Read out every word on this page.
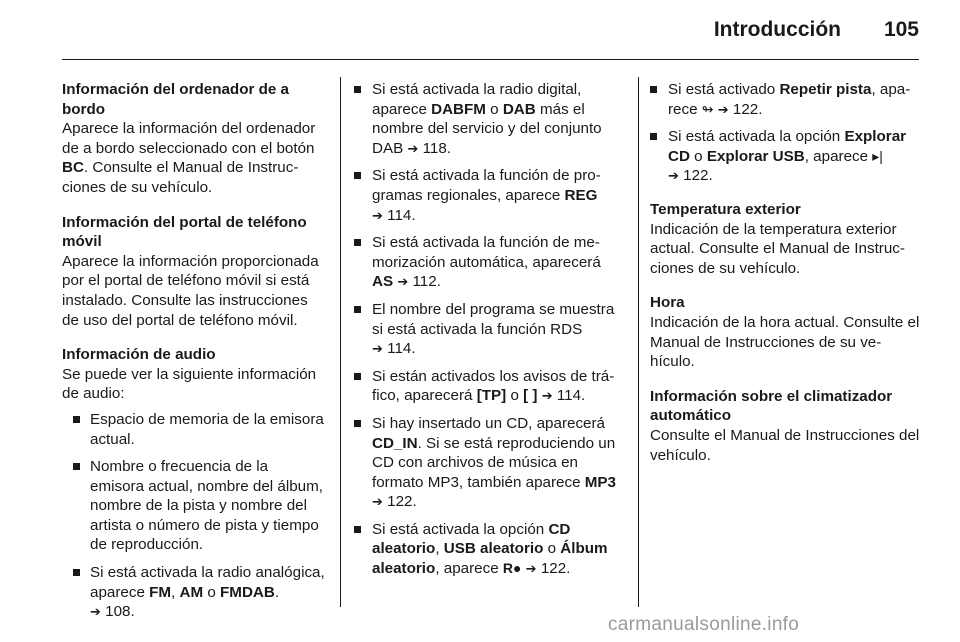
Introducción 105
Información del ordenador de a bordo
Aparece la información del ordenador de a bordo seleccionado con el botón BC. Consulte el Manual de Instrucciones de su vehículo.
Información del portal de teléfono móvil
Aparece la información proporcionada por el portal de teléfono móvil si está instalado. Consulte las instrucciones de uso del portal de teléfono móvil.
Información de audio
Se puede ver la siguiente información de audio:
Espacio de memoria de la emisora actual.
Nombre o frecuencia de la emisora actual, nombre del álbum, nombre de la pista y nombre del artista o número de pista y tiempo de reproducción.
Si está activada la radio analógica, aparece FM, AM o FMDAB.
➔ 108.
Si está activada la radio digital, aparece DABFM o DAB más el nombre del servicio y del conjunto DAB ➔ 118.
Si está activada la función de programas regionales, aparece REG
➔ 114.
Si está activada la función de memorización automática, aparecerá AS ➔ 112.
El nombre del programa se muestra si está activada la función RDS
➔ 114.
Si están activados los avisos de tráfico, aparecerá [TP] o [ ] ➔ 114.
Si hay insertado un CD, aparecerá CD_IN. Si se está reproduciendo un CD con archivos de música en formato MP3, también aparece MP3 ➔ 122.
Si está activada la opción CD aleatorio, USB aleatorio o Álbum aleatorio, aparece R● ➔ 122.
Si está activado Repetir pista, aparece ↬ ➔ 122.
Si está activada la opción Explorar CD o Explorar USB, aparece ▸|
➔ 122.
Temperatura exterior
Indicación de la temperatura exterior actual. Consulte el Manual de Instrucciones de su vehículo.
Hora
Indicación de la hora actual. Consulte el Manual de Instrucciones de su vehículo.
Información sobre el climatizador automático
Consulte el Manual de Instrucciones del vehículo.
carmanualsonline.info
